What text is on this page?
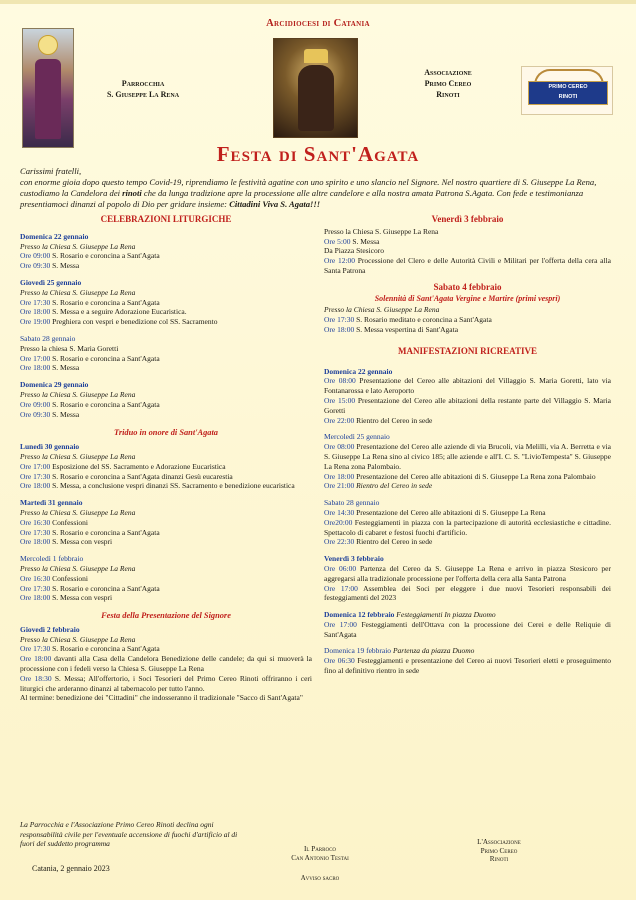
Arcidiocesi di Catania
Parrocchia
S. Giuseppe La Rena
Associazione
Primo Cereo
Rinoti
PRIMO CEREO
RINOTI
Festa di Sant'Agata
Carissimi fratelli,
con enorme gioia dopo questo tempo Covid-19, riprendiamo le festività agatine con uno spirito e uno slancio nel Signore. Nel nostro quartiere di S. Giuseppe La Rena, custodiamo la Candelora dei rinoti che da lunga tradizione apre la processione alle altre candelore e alla nostra amata Patrona S.Agata. Con fede e testimonianza presentiamoci dinanzi al popolo di Dio per gridare insieme: Cittadini Viva S. Agata!!!
CELEBRAZIONI LITURGICHE
Domenica 22 gennaio
Presso la Chiesa S. Giuseppe La Rena
Ore 09:00 S. Rosario e coroncina a Sant'Agata
Ore 09:30 S. Messa
Giovedì 25 gennaio
Presso la Chiesa S. Giuseppe La Rena
Ore 17:30 S. Rosario e coroncina a Sant'Agata
Ore 18:00 S. Messa e a seguire Adorazione Eucaristica.
Ore 19:00 Preghiera con vespri e benedizione col SS. Sacramento
Sabato 28 gennaio
Presso la chiesa S. Maria Goretti
Ore 17:00 S. Rosario e coroncina a Sant'Agata
Ore 18:00 S. Messa
Domenica 29 gennaio
Presso la Chiesa S. Giuseppe La Rena
Ore 09:00 S. Rosario e coroncina a Sant'Agata
Ore 09:30 S. Messa
Triduo in onore di Sant'Agata
Lunedì 30 gennaio
Presso la Chiesa S. Giuseppe La Rena
Ore 17:00 Esposizione del SS. Sacramento e Adorazione Eucaristica
Ore 17:30 S. Rosario e coroncina a Sant'Agata dinanzi Gesù eucarestia
Ore 18:00 S. Messa, a conclusione vespri dinanzi SS. Sacramento e benedizione eucaristica
Martedì 31 gennaio
Presso la Chiesa S. Giuseppe La Rena
Ore 16:30 Confessioni
Ore 17:30 S. Rosario e coroncina a Sant'Agata
Ore 18:00 S. Messa con vespri
Mercoledì 1 febbraio
Presso la Chiesa S. Giuseppe La Rena
Ore 16:30 Confessioni
Ore 17:30 S. Rosario e coroncina a Sant'Agata
Ore 18:00 S. Messa con vespri
Festa della Presentazione del Signore
Giovedì 2 febbraio
Presso la Chiesa S. Giuseppe La Rena
Ore 17:30 S. Rosario e coroncina a Sant'Agata
Ore 18:00 davanti alla Casa della Candelora Benedizione delle candele; da qui si muoverà la processione con i fedeli verso la Chiesa S. Giuseppe La Rena
Ore 18:30 S. Messa; All'offertorio, i Soci Tesorieri del Primo Cereo Rinoti offriranno i ceri liturgici che arderanno dinanzi al tabernacolo per tutto l'anno.
Al termine: benedizione dei "Cittadini" che indosseranno il tradizionale "Sacco di Sant'Agata"
Venerdì 3 febbraio
Presso la Chiesa S. Giuseppe La Rena
Ore 5:00 S. Messa
Da Piazza Stesicoro
Ore 12:00 Processione del Clero e delle Autorità Civili e Militari per l'offerta della cera alla Santa Patrona
Sabato 4 febbraio
Solennità di Sant'Agata Vergine e Martire (primi vespri)
Presso la Chiesa S. Giuseppe La Rena
Ore 17:30 S. Rosario meditato e coroncina a Sant'Agata
Ore 18:00 S. Messa vespertina di Sant'Agata
MANIFESTAZIONI RICREATIVE
Domenica 22 gennaio
Ore 08:00 Presentazione del Cereo alle abitazioni del Villaggio S. Maria Goretti, lato via Fontanarossa e lato Aeroporto
Ore 15:00 Presentazione del Cereo alle abitazioni della restante parte del Villaggio S. Maria Goretti
Ore 22:00 Rientro del Cereo in sede
Mercoledì 25 gennaio
Ore 08:00 Presentazione del Cereo alle aziende di via Brucoli, via Melilli, via A. Berretta e via S. Giuseppe La Rena sino al civico 185; alle aziende e all'I. C. S. "LivioTempesta" S. Giuseppe La Rena zona Palombaio.
Ore 18:00 Presentazione del Cereo alle abitazioni di S. Giuseppe La Rena zona Palombaio
Ore 21:00 Rientro del Cereo in sede
Sabato 28 gennaio
Ore 14:30 Presentazione del Cereo alle abitazioni di S. Giuseppe La Rena
Ore20:00 Festeggiamenti in piazza con la partecipazione di autorità ecclesiastiche e cittadine. Spettacolo di cabaret e festosi fuochi d'artificio.
Ore 22:30 Rientro del Cereo in sede
Venerdì 3 febbraio
Ore 06:00 Partenza del Cereo da S. Giuseppe La Rena e arrivo in piazza Stesicoro per aggregarsi alla tradizionale processione per l'offerta della cera alla Santa Patrona
Ore 17:00 Assemblea dei Soci per eleggere i due nuovi Tesorieri responsabili dei festeggiamenti del 2023
Domenica 12 febbraio Festeggiamenti In piazza Duomo
Ore 17:00 Festeggiamenti dell'Ottava con la processione dei Cerei e delle Reliquie di Sant'Agata
Domenica 19 febbraio Partenza da piazza Duomo
Ore 06:30 Festeggiamenti e presentazione del Cereo ai nuovi Tesorieri eletti e proseguimento fino al definitivo rientro in sede
La Parrocchia e l'Associazione Primo Cereo Rinoti declina ogni responsabilità civile per l'eventuale accensione di fuochi d'artificio al di fuori del suddetto programma
Catania, 2 gennaio 2023
Il Parroco
Can Antonio Testai
Avviso sacro
L'Associazione
Primo Cereo
Rinoti
